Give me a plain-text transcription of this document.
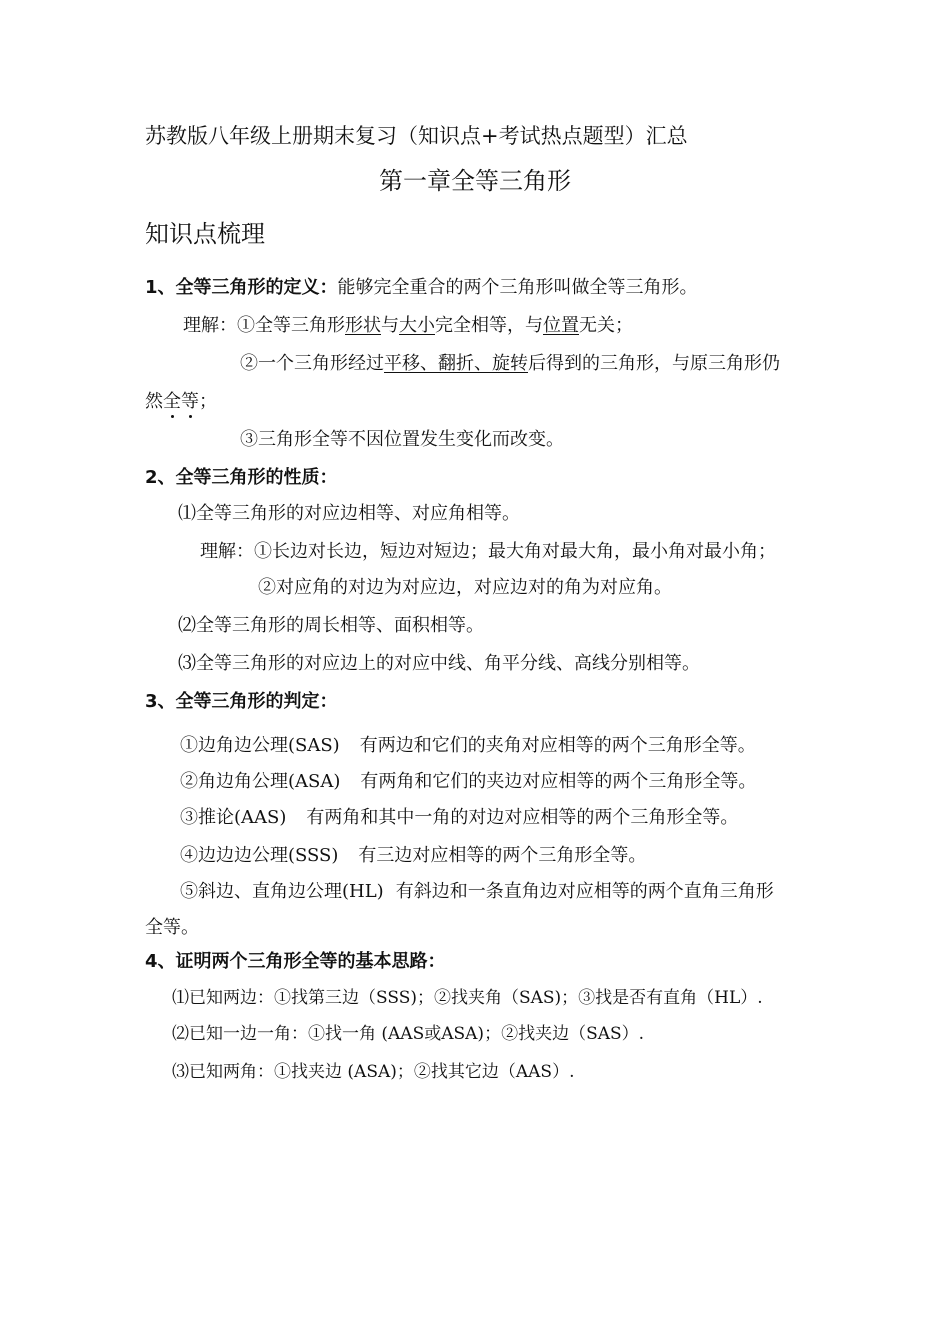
苏教版八年级上册期末复习（知识点+考试热点题型）汇总
第一章全等三角形
知识点梳理
1、全等三角形的定义：能够完全重合的两个三角形叫做全等三角形。
理解：①全等三角形形状与大小完全相等，与位置无关；
②一个三角形经过平移、翻折、旋转后得到的三角形，与原三角形仍
然全等；
③三角形全等不因位置发生变化而改变。
2、全等三角形的性质：
⑴全等三角形的对应边相等、对应角相等。
理解：①长边对长边，短边对短边；最大角对最大角，最小角对最小角；
②对应角的对边为对应边，对应边对的角为对应角。
⑵全等三角形的周长相等、面积相等。
⑶全等三角形的对应边上的对应中线、角平分线、高线分别相等。
3、全等三角形的判定：
①边角边公理(SAS) 有两边和它们的夹角对应相等的两个三角形全等。
②角边角公理(ASA) 有两角和它们的夹边对应相等的两个三角形全等。
③推论(AAS) 有两角和其中一角的对边对应相等的两个三角形全等。
④边边边公理(SSS) 有三边对应相等的两个三角形全等。
⑤斜边、直角边公理(HL) 有斜边和一条直角边对应相等的两个直角三角形
全等。
4、证明两个三角形全等的基本思路：
⑴已知两边：①找第三边（SSS)；②找夹角（SAS)；③找是否有直角（HL）.
⑵已知一边一角：①找一角 (AAS或ASA)；②找夹边（SAS）.
⑶已知两角：①找夹边 (ASA)；②找其它边（AAS）.
